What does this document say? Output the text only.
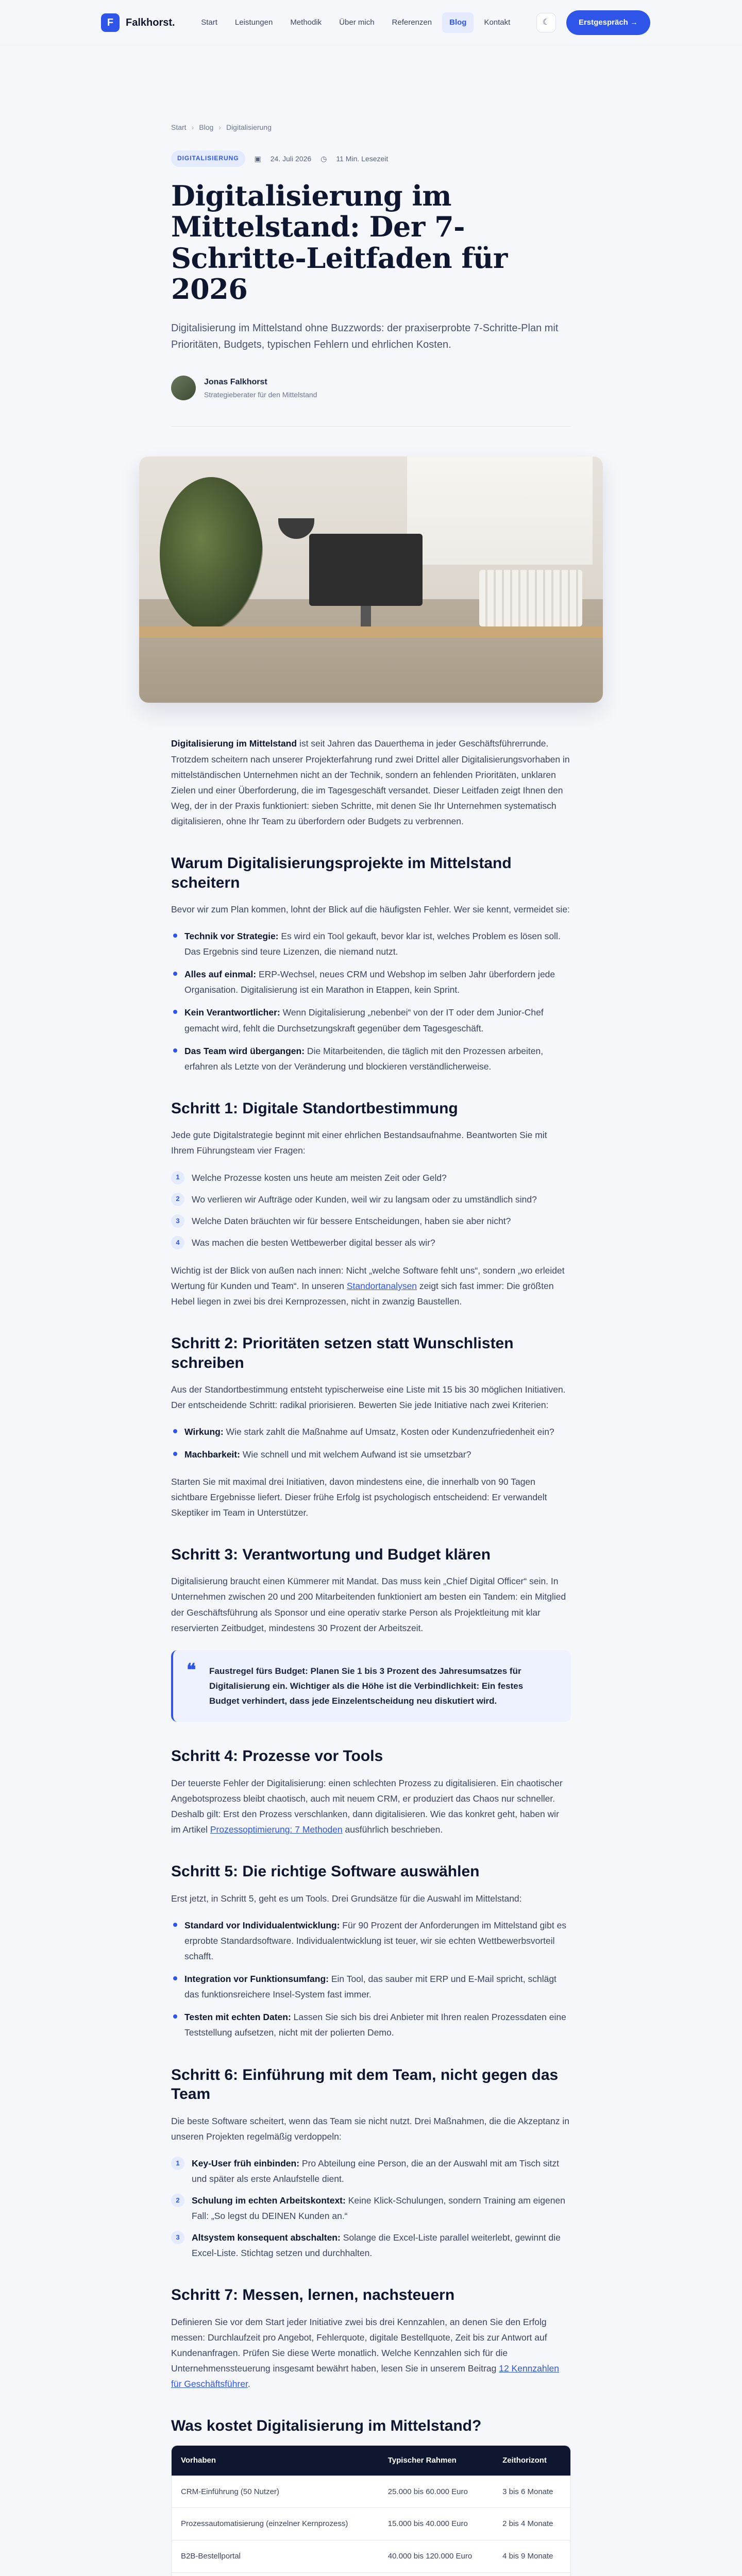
F	Falkhorst.	Start	Leistungen	Methodik	Über mich	Referenzen	Blog	Kontakt	☾	Erstgespräch →
Start › Blog › Digitalisierung
DIGITALISIERUNG	▣ 24. Juli 2026 ◷ 11 Min. Lesezeit
Digitalisierung im Mittelstand: Der 7-Schritte-Leitfaden für 2026

Digitalisierung im Mittelstand ohne Buzzwords: der praxiserprobte 7-Schritte-Plan mit Prioritäten, Budgets, typischen Fehlern und ehrlichen Kosten.

Jonas Falkhorst
Strategieberater für den Mittelstand

Digitalisierung im Mittelstand ist seit Jahren das Dauerthema in jeder Geschäftsführerrunde. Trotzdem scheitern nach unserer Projekterfahrung rund zwei Drittel aller Digitalisierungsvorhaben in mittelständischen Unternehmen nicht an der Technik, sondern an fehlenden Prioritäten, unklaren Zielen und einer Überforderung, die im Tagesgeschäft versandet. Dieser Leitfaden zeigt Ihnen den Weg, der in der Praxis funktioniert: sieben Schritte, mit denen Sie Ihr Unternehmen systematisch digitalisieren, ohne Ihr Team zu überfordern oder Budgets zu verbrennen.

Warum Digitalisierungsprojekte im Mittelstand scheitern

Bevor wir zum Plan kommen, lohnt der Blick auf die häufigsten Fehler. Wer sie kennt, vermeidet sie:

Technik vor Strategie: Es wird ein Tool gekauft, bevor klar ist, welches Problem es lösen soll. Das Ergebnis sind teure Lizenzen, die niemand nutzt.
Alles auf einmal: ERP-Wechsel, neues CRM und Webshop im selben Jahr überfordern jede Organisation. Digitalisierung ist ein Marathon in Etappen, kein Sprint.
Kein Verantwortlicher: Wenn Digitalisierung „nebenbei“ von der IT oder dem Junior-Chef gemacht wird, fehlt die Durchsetzungskraft gegenüber dem Tagesgeschäft.
Das Team wird übergangen: Die Mitarbeitenden, die täglich mit den Prozessen arbeiten, erfahren als Letzte von der Veränderung und blockieren verständlicherweise.
Schritt 1: Digitale Standortbestimmung

Jede gute Digitalstrategie beginnt mit einer ehrlichen Bestandsaufnahme. Beantworten Sie mit Ihrem Führungsteam vier Fragen:

1	Welche Prozesse kosten uns heute am meisten Zeit oder Geld?
2	Wo verlieren wir Aufträge oder Kunden, weil wir zu langsam oder zu umständlich sind?
3	Welche Daten bräuchten wir für bessere Entscheidungen, haben sie aber nicht?
4	Was machen die besten Wettbewerber digital besser als wir?

Wichtig ist der Blick von außen nach innen: Nicht „welche Software fehlt uns“, sondern „wo erleidet Wertung für Kunden und Team“. In unseren Standortanalysen zeigt sich fast immer: Die größten Hebel liegen in zwei bis drei Kernprozessen, nicht in zwanzig Baustellen.

Schritt 2: Prioritäten setzen statt Wunschlisten schreiben

Aus der Standortbestimmung entsteht typischerweise eine Liste mit 15 bis 30 möglichen Initiativen. Der entscheidende Schritt: radikal priorisieren. Bewerten Sie jede Initiative nach zwei Kriterien:

Wirkung: Wie stark zahlt die Maßnahme auf Umsatz, Kosten oder Kundenzufriedenheit ein?
Machbarkeit: Wie schnell und mit welchem Aufwand ist sie umsetzbar?

Starten Sie mit maximal drei Initiativen, davon mindestens eine, die innerhalb von 90 Tagen sichtbare Ergebnisse liefert. Dieser frühe Erfolg ist psychologisch entscheidend: Er verwandelt Skeptiker im Team in Unterstützer.

Schritt 3: Verantwortung und Budget klären

Digitalisierung braucht einen Kümmerer mit Mandat. Das muss kein „Chief Digital Officer“ sein. In Unternehmen zwischen 20 und 200 Mitarbeitenden funktioniert am besten ein Tandem: ein Mitglied der Geschäftsführung als Sponsor und eine operativ starke Person als Projektleitung mit klar reservierten Zeitbudget, mindestens 30 Prozent der Arbeitszeit.

❝ Faustregel fürs Budget: Planen Sie 1 bis 3 Prozent des Jahresumsatzes für Digitalisierung ein. Wichtiger als die Höhe ist die Verbindlichkeit: Ein festes Budget verhindert, dass jede Einzelentscheidung neu diskutiert wird.
Schritt 4: Prozesse vor Tools

Der teuerste Fehler der Digitalisierung: einen schlechten Prozess zu digitalisieren. Ein chaotischer Angebotsprozess bleibt chaotisch, auch mit neuem CRM, er produziert das Chaos nur schneller. Deshalb gilt: Erst den Prozess verschlanken, dann digitalisieren. Wie das konkret geht, haben wir im Artikel Prozessoptimierung: 7 Methoden ausführlich beschrieben.

Schritt 5: Die richtige Software auswählen

Erst jetzt, in Schritt 5, geht es um Tools. Drei Grundsätze für die Auswahl im Mittelstand:

Standard vor Individualentwicklung: Für 90 Prozent der Anforderungen im Mittelstand gibt es erprobte Standardsoftware. Individualentwicklung ist teuer, wir sie echten Wettbewerbsvorteil schafft.
Integration vor Funktionsumfang: Ein Tool, das sauber mit ERP und E-Mail spricht, schlägt das funktionsreichere Insel-System fast immer.
Testen mit echten Daten: Lassen Sie sich bis drei Anbieter mit Ihren realen Prozessdaten eine Teststellung aufsetzen, nicht mit der polierten Demo.
Schritt 6: Einführung mit dem Team, nicht gegen das Team

Die beste Software scheitert, wenn das Team sie nicht nutzt. Drei Maßnahmen, die die Akzeptanz in unseren Projekten regelmäßig verdoppeln:

1	Key-User früh einbinden: Pro Abteilung eine Person, die an der Auswahl mit am Tisch sitzt und später als erste Anlaufstelle dient.
2	Schulung im echten Arbeitskontext: Keine Klick-Schulungen, sondern Training am eigenen Fall: „So legst du DEINEN Kunden an.“
3	Altsystem konsequent abschalten: Solange die Excel-Liste parallel weiterlebt, gewinnt die Excel-Liste. Stichtag setzen und durchhalten.
Schritt 7: Messen, lernen, nachsteuern

Definieren Sie vor dem Start jeder Initiative zwei bis drei Kennzahlen, an denen Sie den Erfolg messen: Durchlaufzeit pro Angebot, Fehlerquote, digitale Bestellquote, Zeit bis zur Antwort auf Kundenanfragen. Prüfen Sie diese Werte monatlich. Welche Kennzahlen sich für die Unternehmenssteuerung insgesamt bewährt haben, lesen Sie in unserem Beitrag 12 Kennzahlen für Geschäftsführer.

Was kostet Digitalisierung im Mittelstand?
Vorhaben	Typischer Rahmen	Zeithorizont
CRM-Einführung (50 Nutzer)	25.000 bis 60.000 Euro	3 bis 6 Monate
Prozessautomatisierung (einzelner Kernprozess)	15.000 bis 40.000 Euro	2 bis 4 Monate
B2B-Bestellportal	40.000 bis 120.000 Euro	4 bis 9 Monate
